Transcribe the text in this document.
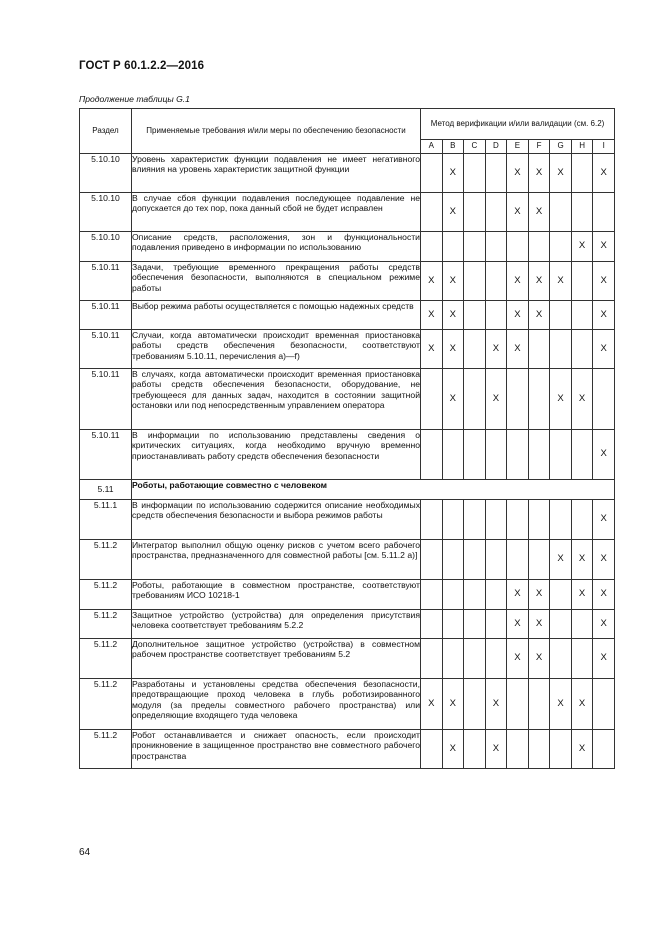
ГОСТ Р 60.1.2.2—2016
Продолжение таблицы G.1
Раздел	Применяемые требования и/или меры по обеспечению безопасности	Метод верификации и/или валидации (см. 6.2)								
		A	B	C	D	E	F	G	H	I
5.10.10	Уровень характеристик функции подавления не имеет негативного влияния на уровень характеристик защитной функции		X			X	X	X		X
5.10.10	В случае сбоя функции подавления последующее подавление не допускается до тех пор, пока данный сбой не будет исправлен		X			X	X			
5.10.10	Описание средств, расположения, зон и функциональности подавления приведено в информации по использованию								X	X
5.10.11	Задачи, требующие временного прекращения работы средств обеспечения безопасности, выполняются в специальном режиме работы	X	X			X	X	X		X
5.10.11	Выбор режима работы осуществляется с помощью надежных средств	X	X			X	X			X
5.10.11	Случаи, когда автоматически происходит временная приостановка работы средств обеспечения безопасности, соответствуют требованиям 5.10.11, перечисления a)—f)	X	X		X	X				X
5.10.11	В случаях, когда автоматически происходит временная приостановка работы средств обеспечения безопасности, оборудование, не требующееся для данных задач, находится в состоянии защитной остановки или под непосредственным управлением оператора		X		X			X	X	
5.10.11	В информации по использованию представлены сведения о критических ситуациях, когда необходимо вручную временно приостанавливать работу средств обеспечения безопасности									X
5.11	Роботы, работающие совместно с человеком									
5.11.1	В информации по использованию содержится описание необходимых средств обеспечения безопасности и выбора режимов работы									X
5.11.2	Интегратор выполнил общую оценку рисков с учетом всего рабочего пространства, предназначенного для совместной работы [см. 5.11.2 a)]							X	X	X
5.11.2	Роботы, работающие в совместном пространстве, соответствуют требованиям ИСО 10218-1					X	X		X	X
5.11.2	Защитное устройство (устройства) для определения присутствия человека соответствует требованиям 5.2.2					X	X			X
5.11.2	Дополнительное защитное устройство (устройства) в совместном рабочем пространстве соответствует требованиям 5.2					X	X			X
5.11.2	Разработаны и установлены средства обеспечения безопасности, предотвращающие проход человека в глубь роботизированного модуля (за пределы совместного рабочего пространства) или определяющие входящего туда человека	X	X		X			X	X	
5.11.2	Робот останавливается и снижает опасность, если происходит проникновение в защищенное пространство вне совместного рабочего пространства		X		X				X	
64
